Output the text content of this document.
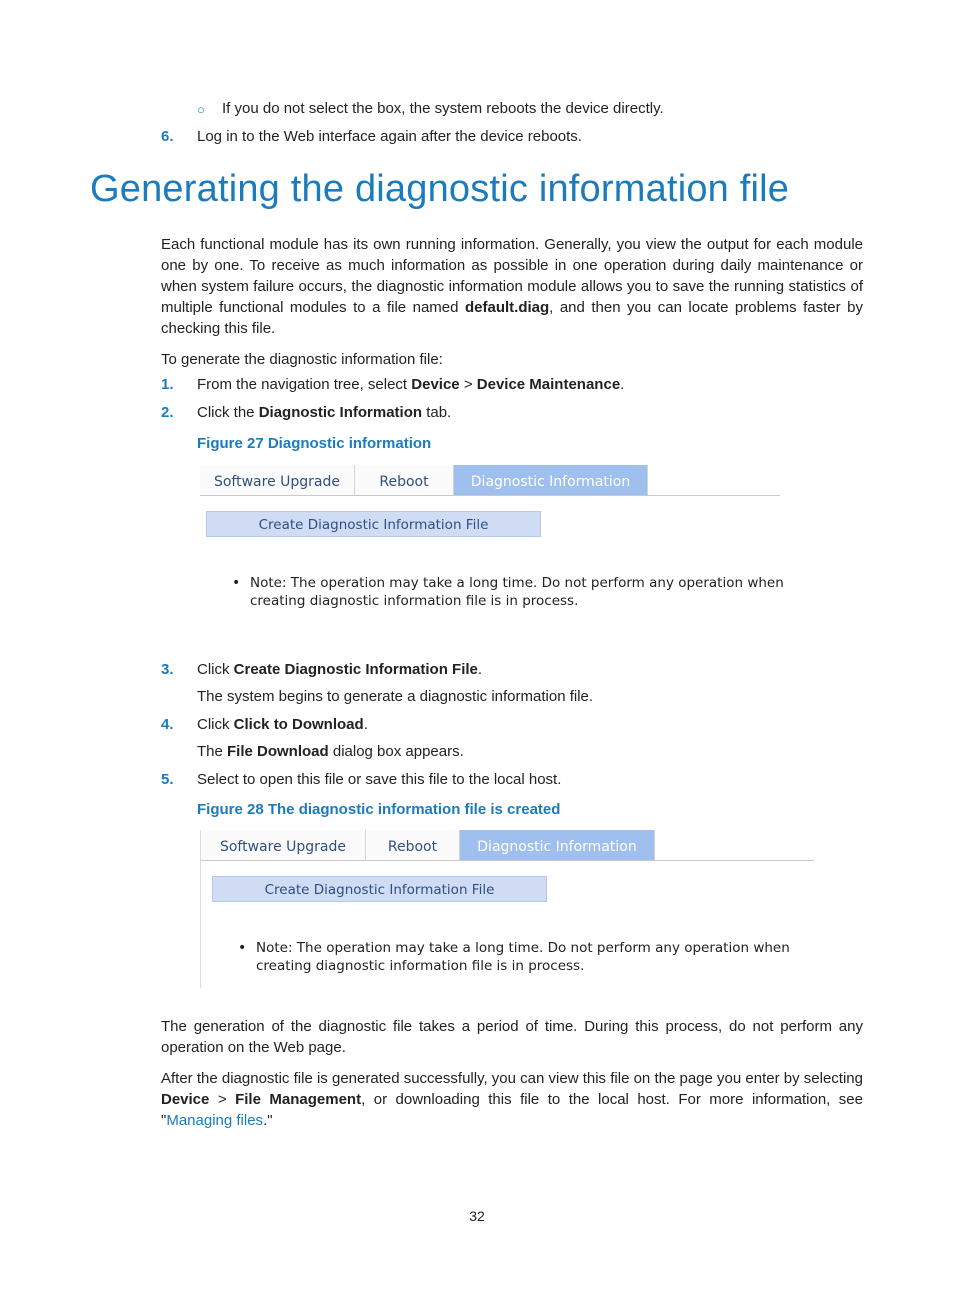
○ If you do not select the box, the system reboots the device directly.
6. Log in to the Web interface again after the device reboots.
Generating the diagnostic information file
Each functional module has its own running information. Generally, you view the output for each module one by one. To receive as much information as possible in one operation during daily maintenance or when system failure occurs, the diagnostic information module allows you to save the running statistics of multiple functional modules to a file named default.diag, and then you can locate problems faster by checking this file.
To generate the diagnostic information file:
1. From the navigation tree, select Device > Device Maintenance.
2. Click the Diagnostic Information tab.
Figure 27 Diagnostic information
Software Upgrade	Reboot	Diagnostic Information
Create Diagnostic Information File
• Note: The operation may take a long time. Do not perform any operation when
creating diagnostic information file is in process.
3. Click Create Diagnostic Information File.
The system begins to generate a diagnostic information file.
4. Click Click to Download.
The File Download dialog box appears.
5. Select to open this file or save this file to the local host.
Figure 28 The diagnostic information file is created
Software Upgrade	Reboot	Diagnostic Information
Create Diagnostic Information File
• Note: The operation may take a long time. Do not perform any operation when
creating diagnostic information file is in process.
The generation of the diagnostic file takes a period of time. During this process, do not perform any operation on the Web page.
After the diagnostic file is generated successfully, you can view this file on the page you enter by selecting Device > File Management, or downloading this file to the local host. For more information, see "Managing files."
32
